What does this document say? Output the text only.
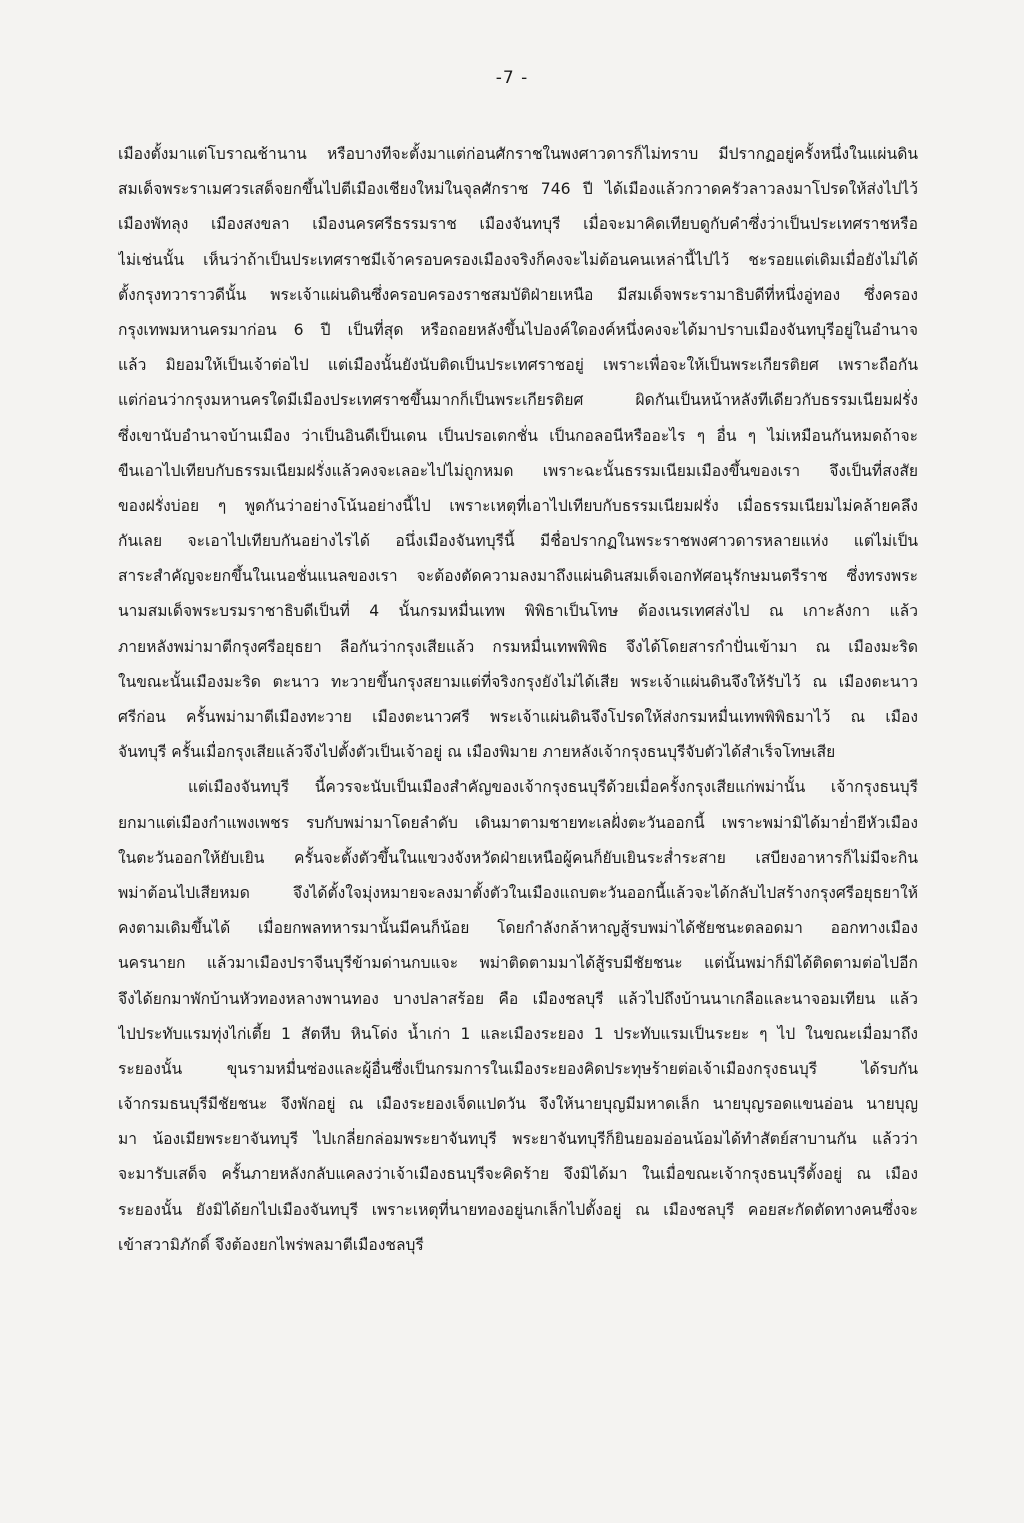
-7 -
เมืองตั้งมาแต่โบราณช้านาน หรือบางทีจะตั้งมาแต่ก่อนศักราชในพงศาวดารก็ไม่ทราบ มีปรากฏอยู่ครั้งหนึ่งในแผ่นดิน
สมเด็จพระราเมศวรเสด็จยกขึ้นไปตีเมืองเชียงใหม่ในจุลศักราช 746 ปี ได้เมืองแล้วกวาดครัวลาวลงมาโปรดให้ส่งไปไว้
เมืองพัทลุง เมืองสงขลา เมืองนครศรีธรรมราช เมืองจันทบุรี เมื่อจะมาคิดเทียบดูกับคำซึ่งว่าเป็นประเทศราชหรือ
ไม่เช่นนั้น เห็นว่าถ้าเป็นประเทศราชมีเจ้าครอบครองเมืองจริงก็คงจะไม่ต้อนคนเหล่านี้ไปไว้ ชะรอยแต่เดิมเมื่อยังไม่ได้
ตั้งกรุงทวาราวดีนั้น พระเจ้าแผ่นดินซึ่งครอบครองราชสมบัติฝ่ายเหนือ มีสมเด็จพระรามาธิบดีที่หนึ่งอู่ทอง ซึ่งครอง
กรุงเทพมหานครมาก่อน 6 ปี เป็นที่สุด หรือถอยหลังขึ้นไปองค์ใดองค์หนึ่งคงจะได้มาปราบเมืองจันทบุรีอยู่ในอำนาจ
แล้ว มิยอมให้เป็นเจ้าต่อไป แต่เมืองนั้นยังนับติดเป็นประเทศราชอยู่ เพราะเพื่อจะให้เป็นพระเกียรติยศ เพราะถือกัน
แต่ก่อนว่ากรุงมหานครใดมีเมืองประเทศราชขึ้นมากก็เป็นพระเกียรติยศ ผิดกันเป็นหน้าหลังทีเดียวกับธรรมเนียมฝรั่ง
ซึ่งเขานับอำนาจบ้านเมือง ว่าเป็นอินดีเป็นเดน เป็นปรอเตกชั่น เป็นกอลอนีหรืออะไร ๆ อื่น ๆ ไม่เหมือนกันหมดถ้าจะ
ขืนเอาไปเทียบกับธรรมเนียมฝรั่งแล้วคงจะเลอะไปไม่ถูกหมด เพราะฉะนั้นธรรมเนียมเมืองขึ้นของเรา จึงเป็นที่สงสัย
ของฝรั่งบ่อย ๆ พูดกันว่าอย่างโน้นอย่างนี้ไป เพราะเหตุที่เอาไปเทียบกับธรรมเนียมฝรั่ง เมื่อธรรมเนียมไม่คล้ายคลึง
กันเลย จะเอาไปเทียบกันอย่างไรได้ อนึ่งเมืองจันทบุรีนี้ มีชื่อปรากฏในพระราชพงศาวดารหลายแห่ง แต่ไม่เป็น
สาระสำคัญจะยกขึ้นในเนอชั่นแนลของเรา จะต้องตัดความลงมาถึงแผ่นดินสมเด็จเอกทัศอนุรักษมนตรีราช ซึ่งทรงพระ
นามสมเด็จพระบรมราชาธิบดีเป็นที่ 4 นั้นกรมหมื่นเทพ พิพิธาเป็นโทษ ต้องเนรเทศส่งไป ณ เกาะลังกา แล้ว
ภายหลังพม่ามาตีกรุงศรีอยุธยา ลือกันว่ากรุงเสียแล้ว กรมหมื่นเทพพิพิธ จึงได้โดยสารกำปั่นเข้ามา ณ เมืองมะริด
ในขณะนั้นเมืองมะริด ตะนาว ทะวายขึ้นกรุงสยามแต่ที่จริงกรุงยังไม่ได้เสีย พระเจ้าแผ่นดินจึงให้รับไว้ ณ เมืองตะนาว
ศรีก่อน ครั้นพม่ามาตีเมืองทะวาย เมืองตะนาวศรี พระเจ้าแผ่นดินจึงโปรดให้ส่งกรมหมื่นเทพพิพิธมาไว้ ณ เมือง
จันทบุรี ครั้นเมื่อกรุงเสียแล้วจึงไปตั้งตัวเป็นเจ้าอยู่ ณ เมืองพิมาย ภายหลังเจ้ากรุงธนบุรีจับตัวได้สำเร็จโทษเสีย
แต่เมืองจันทบุรี นี้ควรจะนับเป็นเมืองสำคัญของเจ้ากรุงธนบุรีด้วยเมื่อครั้งกรุงเสียแก่พม่านั้น เจ้ากรุงธนบุรี
ยกมาแต่เมืองกำแพงเพชร รบกับพม่ามาโดยลำดับ เดินมาตามชายทะเลฝั่งตะวันออกนี้ เพราะพม่ามิได้มาย่ำยีหัวเมือง
ในตะวันออกให้ยับเยิน ครั้นจะตั้งตัวขึ้นในแขวงจังหวัดฝ่ายเหนือผู้คนก็ยับเยินระส่ำระสาย เสบียงอาหารก็ไม่มีจะกิน
พม่าต้อนไปเสียหมด จึงได้ตั้งใจมุ่งหมายจะลงมาตั้งตัวในเมืองแถบตะวันออกนี้แล้วจะได้กลับไปสร้างกรุงศรีอยุธยาให้
คงตามเดิมขึ้นได้ เมื่อยกพลทหารมานั้นมีคนก็น้อย โดยกำลังกล้าหาญสู้รบพม่าได้ชัยชนะตลอดมา ออกทางเมือง
นครนายก แล้วมาเมืองปราจีนบุรีข้ามด่านกบแจะ พม่าติดตามมาได้สู้รบมีชัยชนะ แต่นั้นพม่าก็มิได้ติดตามต่อไปอีก
จึงได้ยกมาพักบ้านหัวทองหลางพานทอง บางปลาสร้อย คือ เมืองชลบุรี แล้วไปถึงบ้านนาเกลือและนาจอมเทียน แล้ว
ไปประทับแรมทุ่งไก่เตี้ย 1 สัตหีบ หินโด่ง น้ำเก่า 1 และเมืองระยอง 1 ประทับแรมเป็นระยะ ๆ ไป ในขณะเมื่อมาถึง
ระยองนั้น ขุนรามหมื่นซ่องและผู้อื่นซึ่งเป็นกรมการในเมืองระยองคิดประทุษร้ายต่อเจ้าเมืองกรุงธนบุรี ได้รบกัน
เจ้ากรมธนบุรีมีชัยชนะ จึงพักอยู่ ณ เมืองระยองเจ็ดแปดวัน จึงให้นายบุญมีมหาดเล็ก นายบุญรอดแขนอ่อน นายบุญ
มา น้องเมียพระยาจันทบุรี ไปเกลี่ยกล่อมพระยาจันทบุรี พระยาจันทบุรีก็ยินยอมอ่อนน้อมได้ทำสัตย์สาบานกัน แล้วว่า
จะมารับเสด็จ ครั้นภายหลังกลับแคลงว่าเจ้าเมืองธนบุรีจะคิดร้าย จึงมิได้มา ในเมื่อขณะเจ้ากรุงธนบุรีตั้งอยู่ ณ เมือง
ระยองนั้น ยังมิได้ยกไปเมืองจันทบุรี เพราะเหตุที่นายทองอยู่นกเล็กไปตั้งอยู่ ณ เมืองชลบุรี คอยสะกัดตัดทางคนซึ่งจะ
เข้าสวามิภักดิ์ จึงต้องยกไพร่พลมาตีเมืองชลบุรี
